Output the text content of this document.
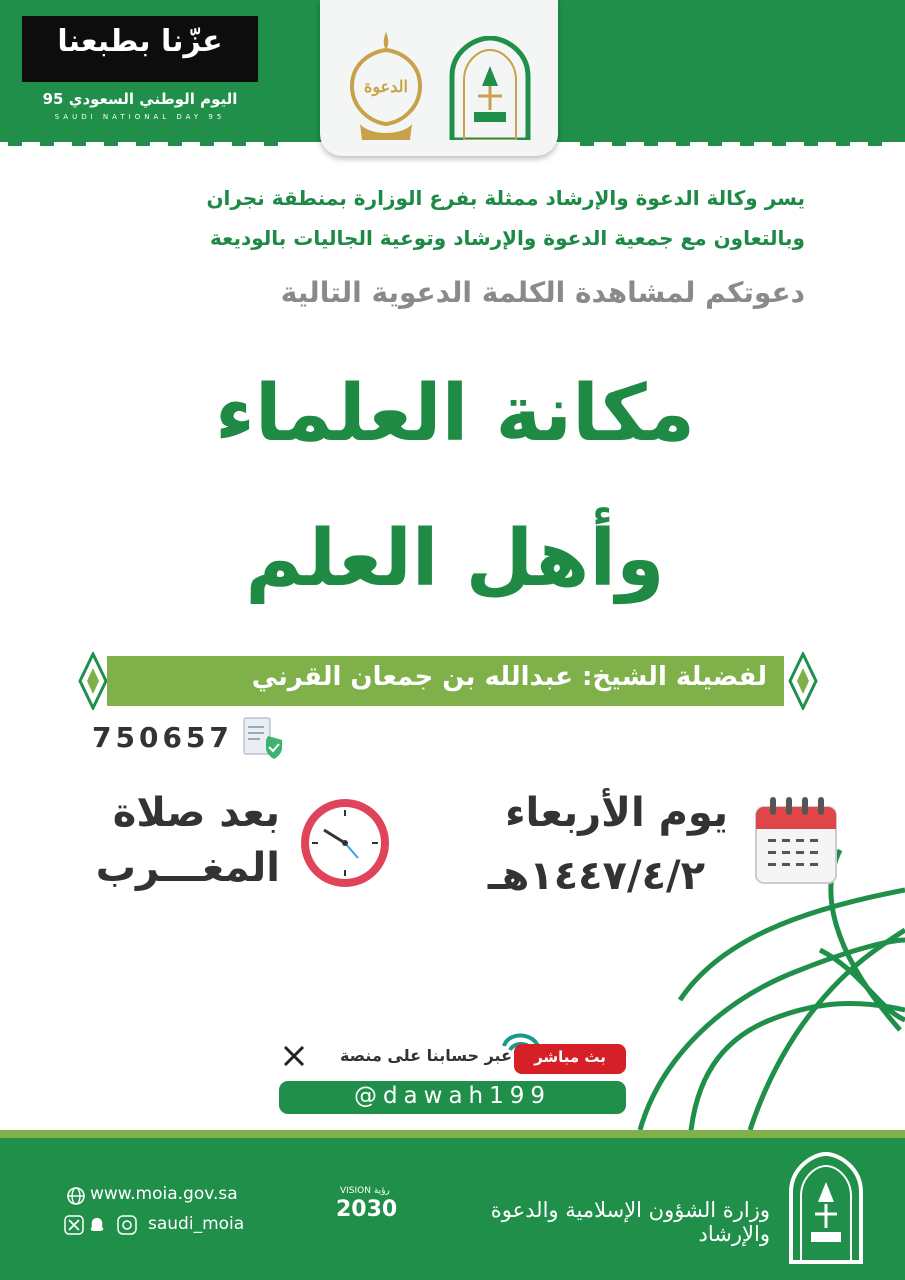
عزّنا بطبعنا
اليوم الوطني السعودي 95
SAUDI NATIONAL DAY 95
الدعوة
يسر وكالة الدعوة والإرشاد ممثلة بفرع الوزارة بمنطقة نجران
وبالتعاون مع جمعية الدعوة والإرشاد وتوعية الجاليات بالوديعة
دعوتكم لمشاهدة الكلمة الدعوية التالية
مكانة العلماء
وأهل العلم
لفضيلة الشيخ: عبدالله بن جمعان القرني
750657
يوم الأربعاء
١٤٤٧/٤/٢هـ
بعد صلاة
المغـــرب
بث مباشر
عبر حسابنا على منصة
@dawah199
www.moia.gov.sa
saudi_moia
VISION رؤية
2030	وزارة الشؤون الإسلامية والدعوة والإرشاد
